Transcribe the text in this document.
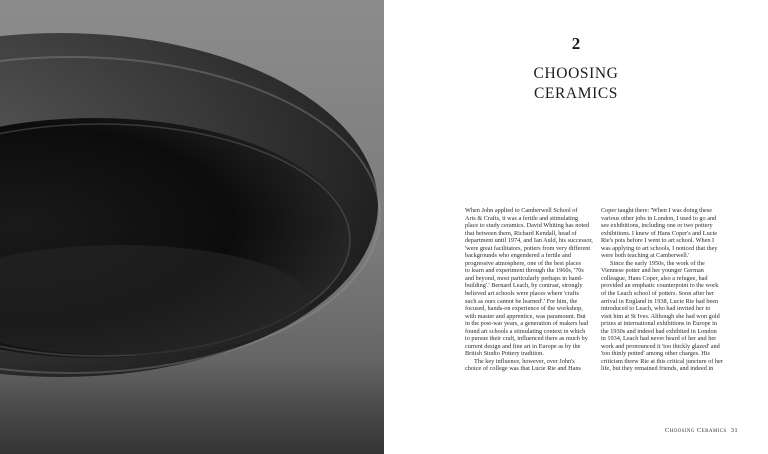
2
CHOOSING
CERAMICS
When John applied to Camberwell School of
Arts & Crafts, it was a fertile and stimulating
place to study ceramics. David Whiting has noted
that between them, Richard Kendall, head of
department until 1974, and Ian Auld, his successor,
'were great facilitators, potters from very different
backgrounds who engendered a fertile and
progressive atmosphere, one of the best places
to learn and experiment through the 1960s, '70s
and beyond, most particularly perhaps in hand-
building'.' Bernard Leach, by contrast, strongly
believed art schools were places where 'crafts
such as ours cannot be learned'.' For him, the
focused, hands-on experience of the workshop,
with master and apprentice, was paramount. But
in the post-war years, a generation of makers had
found art schools a stimulating context in which
to pursue their craft, influenced there as much by
current design and fine art in Europe as by the
British Studio Pottery tradition.
The key influence, however, over John's
choice of college was that Lucie Rie and Hans
Coper taught there: 'When I was doing these
various other jobs in London, I used to go and
see exhibitions, including one or two pottery
exhibitions. I knew of Hans Coper's and Lucie
Rie's pots before I went to art school. When I
was applying to art schools, I noticed that they
were both teaching at Camberwell.'
Since the early 1950s, the work of the
Viennese potter and her younger German
colleague, Hans Coper, also a refugee, had
provided an emphatic counterpoint to the work
of the Leach school of potters. Soon after her
arrival in England in 1938, Lucie Rie had been
introduced to Leach, who had invited her to
visit him at St Ives. Although she had won gold
prizes at international exhibitions in Europe in
the 1930s and indeed had exhibited in London
in 1934, Leach had never heard of her and her
work and pronounced it 'too thickly glazed' and
'too thinly potted' among other charges. His
criticism threw Rie at this critical juncture of her
life, but they remained friends, and indeed in
Choosing Ceramics 31
